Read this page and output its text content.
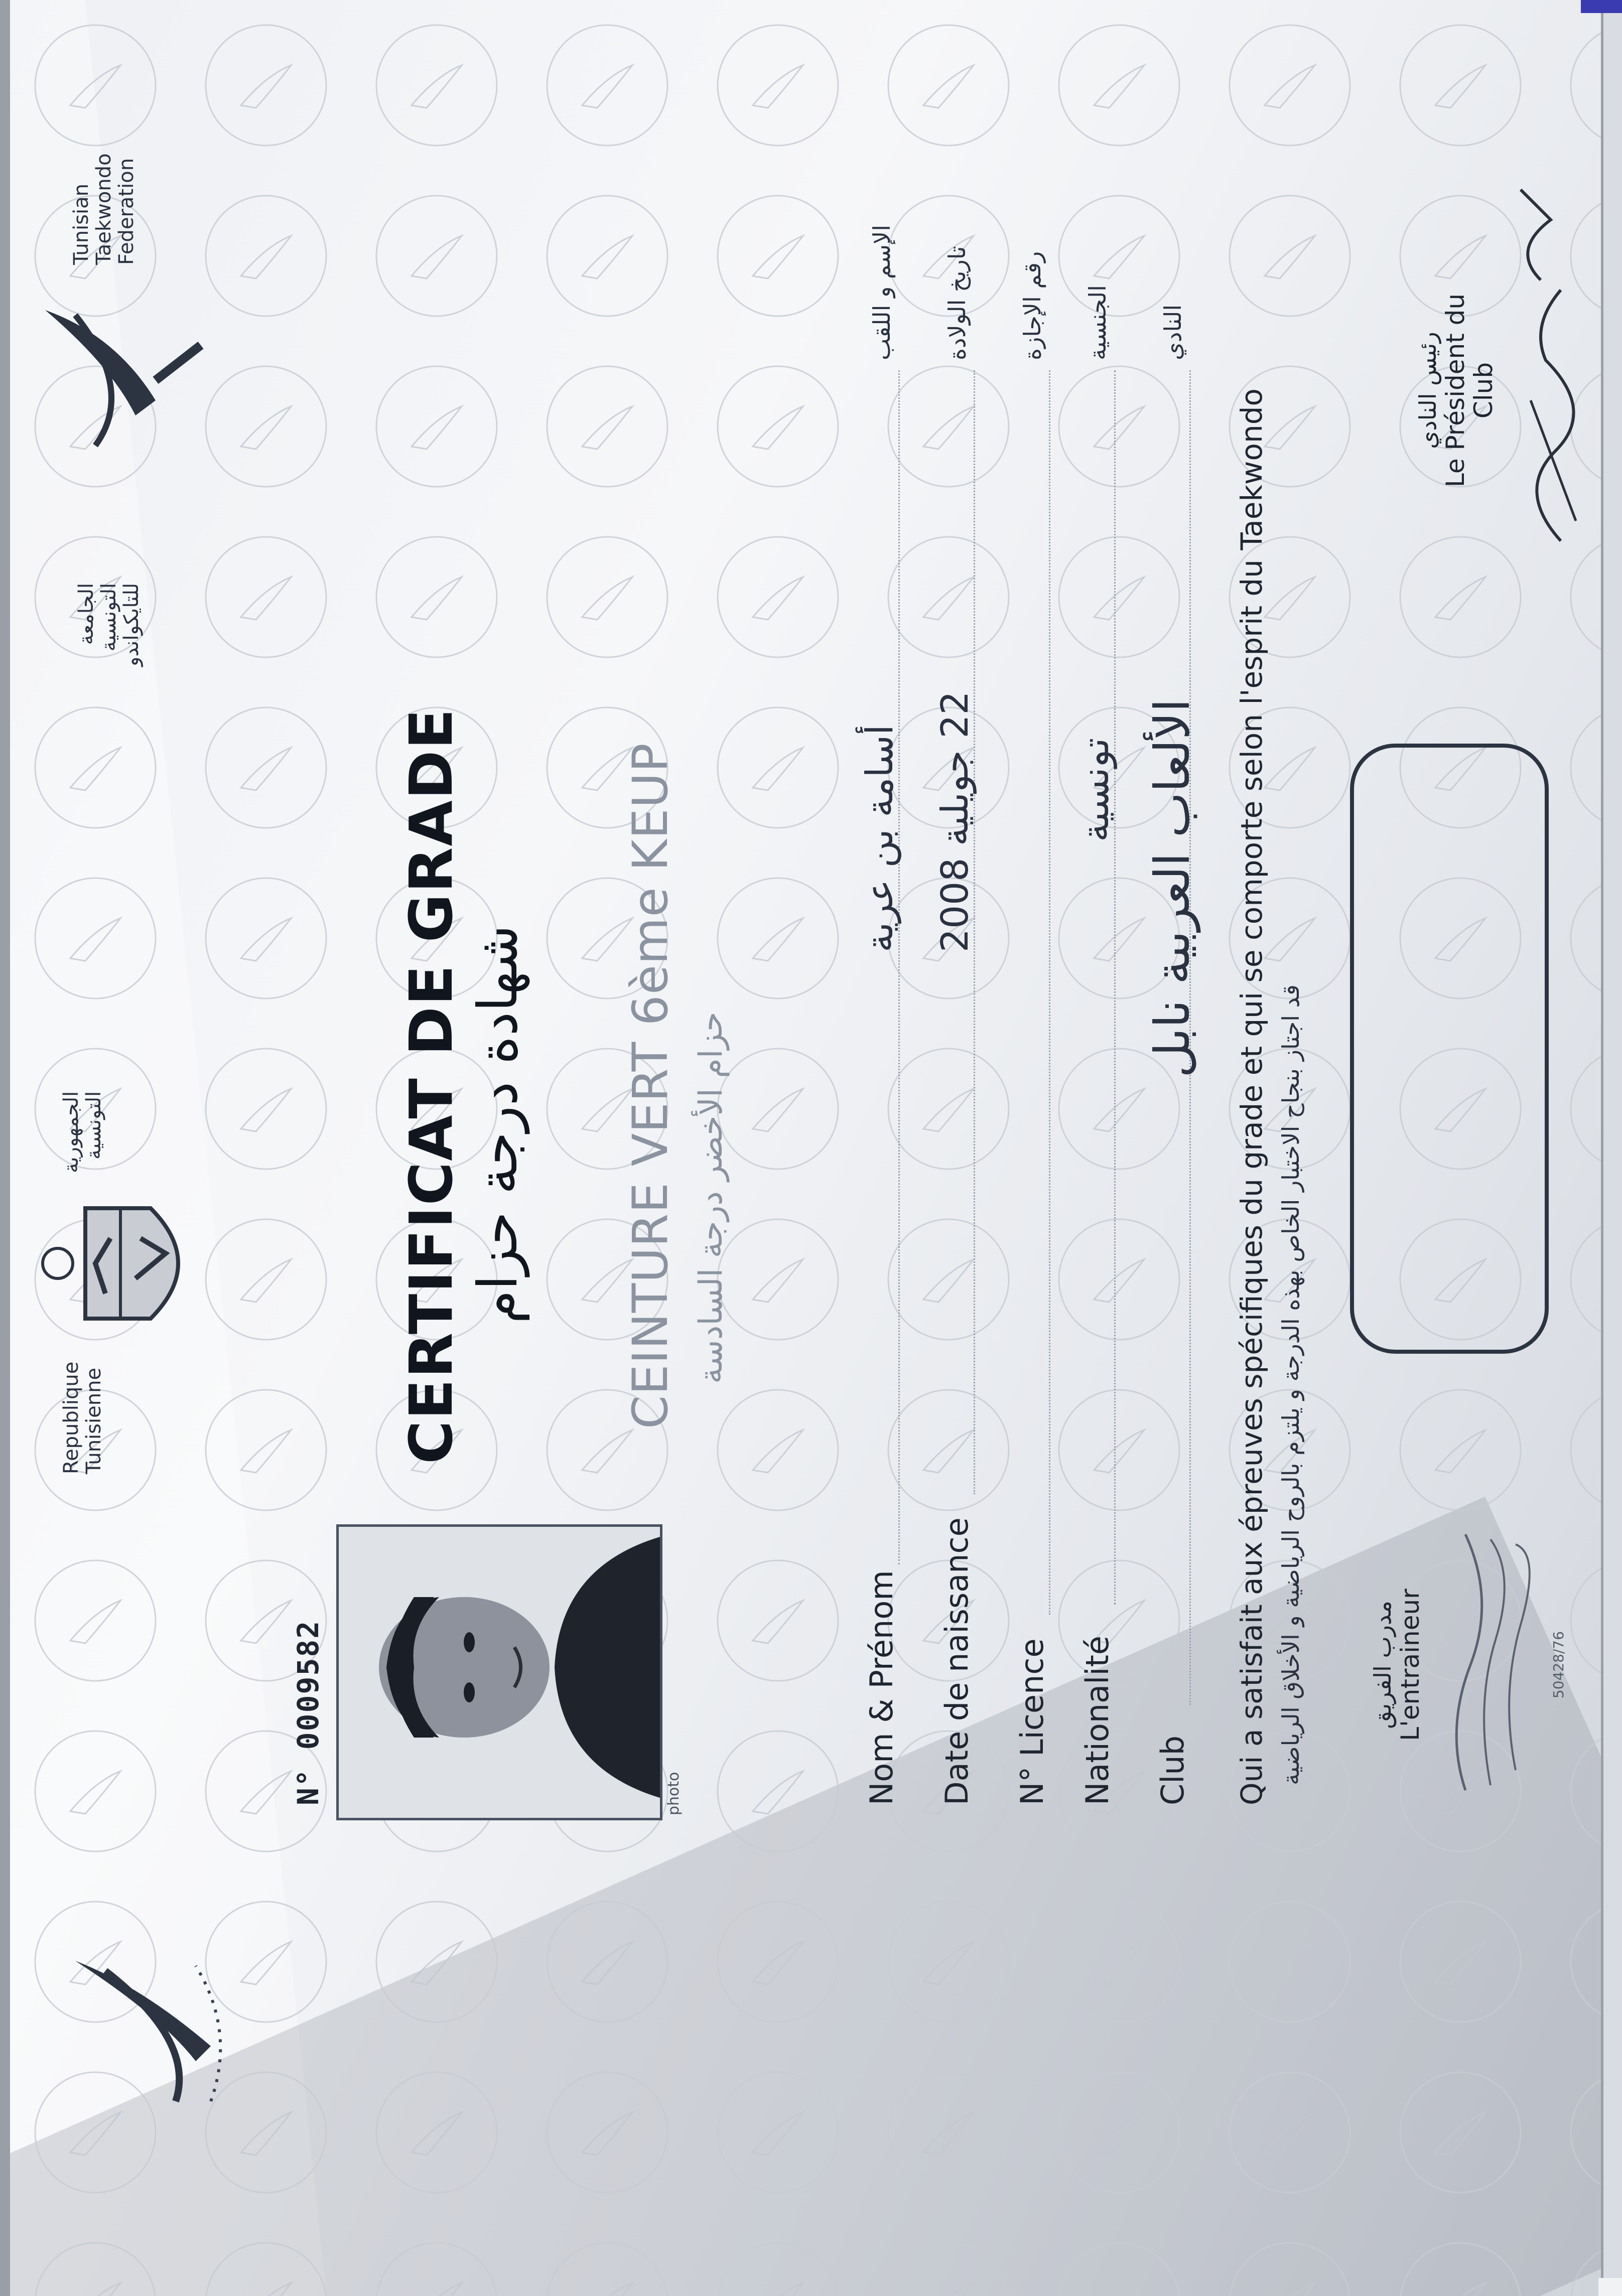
Republique
Tunisienne
الجمهورية
التونسية
الجامعة
التونسية
للتايكواندو
Tunisian
Taekwondo
Federation
N° 0009582
photo
CERTIFICAT DE GRADE شهادة درجة حزام CEINTURE VERT 6ème KEUP حزام الأخضر درجة السادسة
Nom & Prénom
أسامة بن عرية
الإسم و اللقب
Date de naissance
22 جويلية 2008
تاريخ الولادة
N° Licence
رقم الإجازة
Nationalité
تونسية
الجنسية
Club
الألعاب العربية نابل
النادي
Qui a satisfait aux épreuves spécifiques du grade et qui se comporte selon l'esprit du Taekwondo قد اجتاز بنجاح الاختبار الخاص بهذه الدرجة و يلتزم بالروح الرياضية و الأخلاق الرياضية	مدرب الفريق
L'entraineur	50428/76
رئيس النادي
Le Président du
Club
